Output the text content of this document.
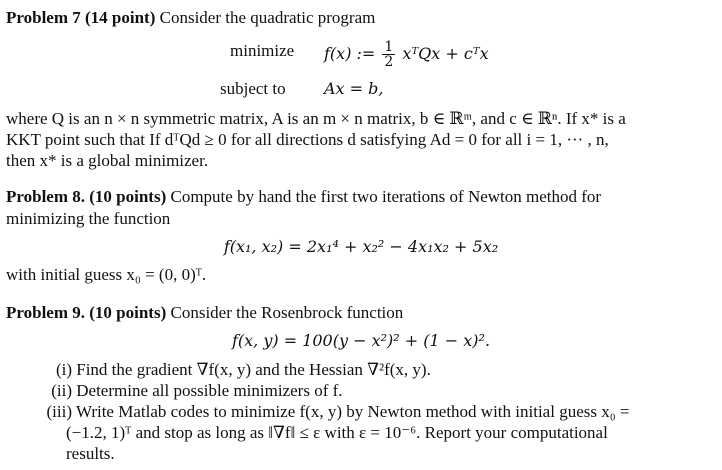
Problem 7 (14 point) Consider the quadratic program
minimize f(x) := $\frac{1}{2}$ xᵀQx + cᵀx
subject to Ax = b,
where Q is an n × n symmetric matrix, A is an m × n matrix, b ∈ ℝᵐ, and c ∈ ℝⁿ. If x* is a
KKT point such that If dᵀQd ≥ 0 for all directions d satisfying Ad = 0 for all i = 1, ··· , n,
then x* is a global minimizer.
Problem 8. (10 points) Compute by hand the first two iterations of Newton method for
minimizing the function
f(x₁, x₂) = 2x₁⁴ + x₂² − 4x₁x₂ + 5x₂
with initial guess x₀ = (0, 0)ᵀ.
Problem 9. (10 points) Consider the Rosenbrock function
f(x, y) = 100(y − x²)² + (1 − x)².
(i) Find the gradient ∇f(x, y) and the Hessian ∇²f(x, y).
(ii) Determine all possible minimizers of f.
(iii) Write Matlab codes to minimize f(x, y) by Newton method with initial guess x₀ =
(−1.2, 1)ᵀ and stop as long as ‖∇f‖ ≤ ε with ε = 10⁻⁶. Report your computational
results.
